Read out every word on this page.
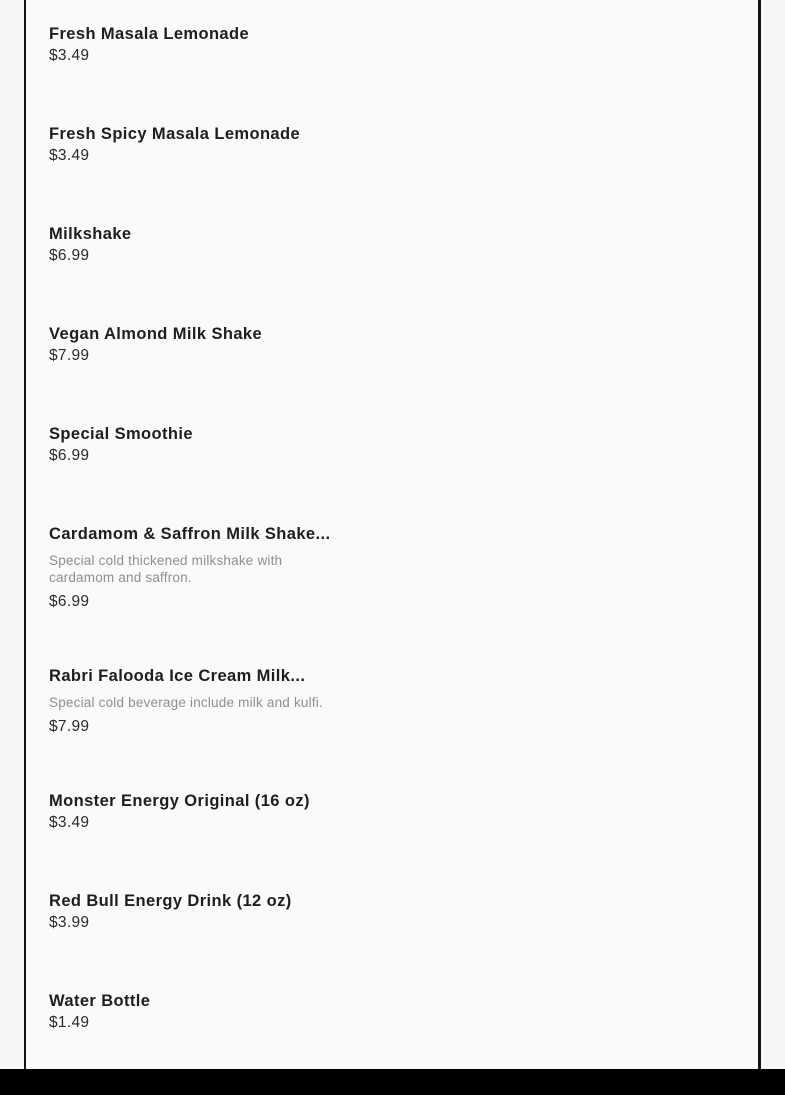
Fresh Masala Lemonade
$3.49
Fresh Spicy Masala Lemonade
$3.49
Milkshake
$6.99
Vegan Almond Milk Shake
$7.99
Special Smoothie
$6.99
Cardamom & Saffron Milk Shake...
Special cold thickened milkshake with cardamom and saffron.
$6.99
Rabri Falooda Ice Cream Milk...
Special cold beverage include milk and kulfi.
$7.99
Monster Energy Original (16 oz)
$3.49
Red Bull Energy Drink (12 oz)
$3.99
Water Bottle
$1.49
